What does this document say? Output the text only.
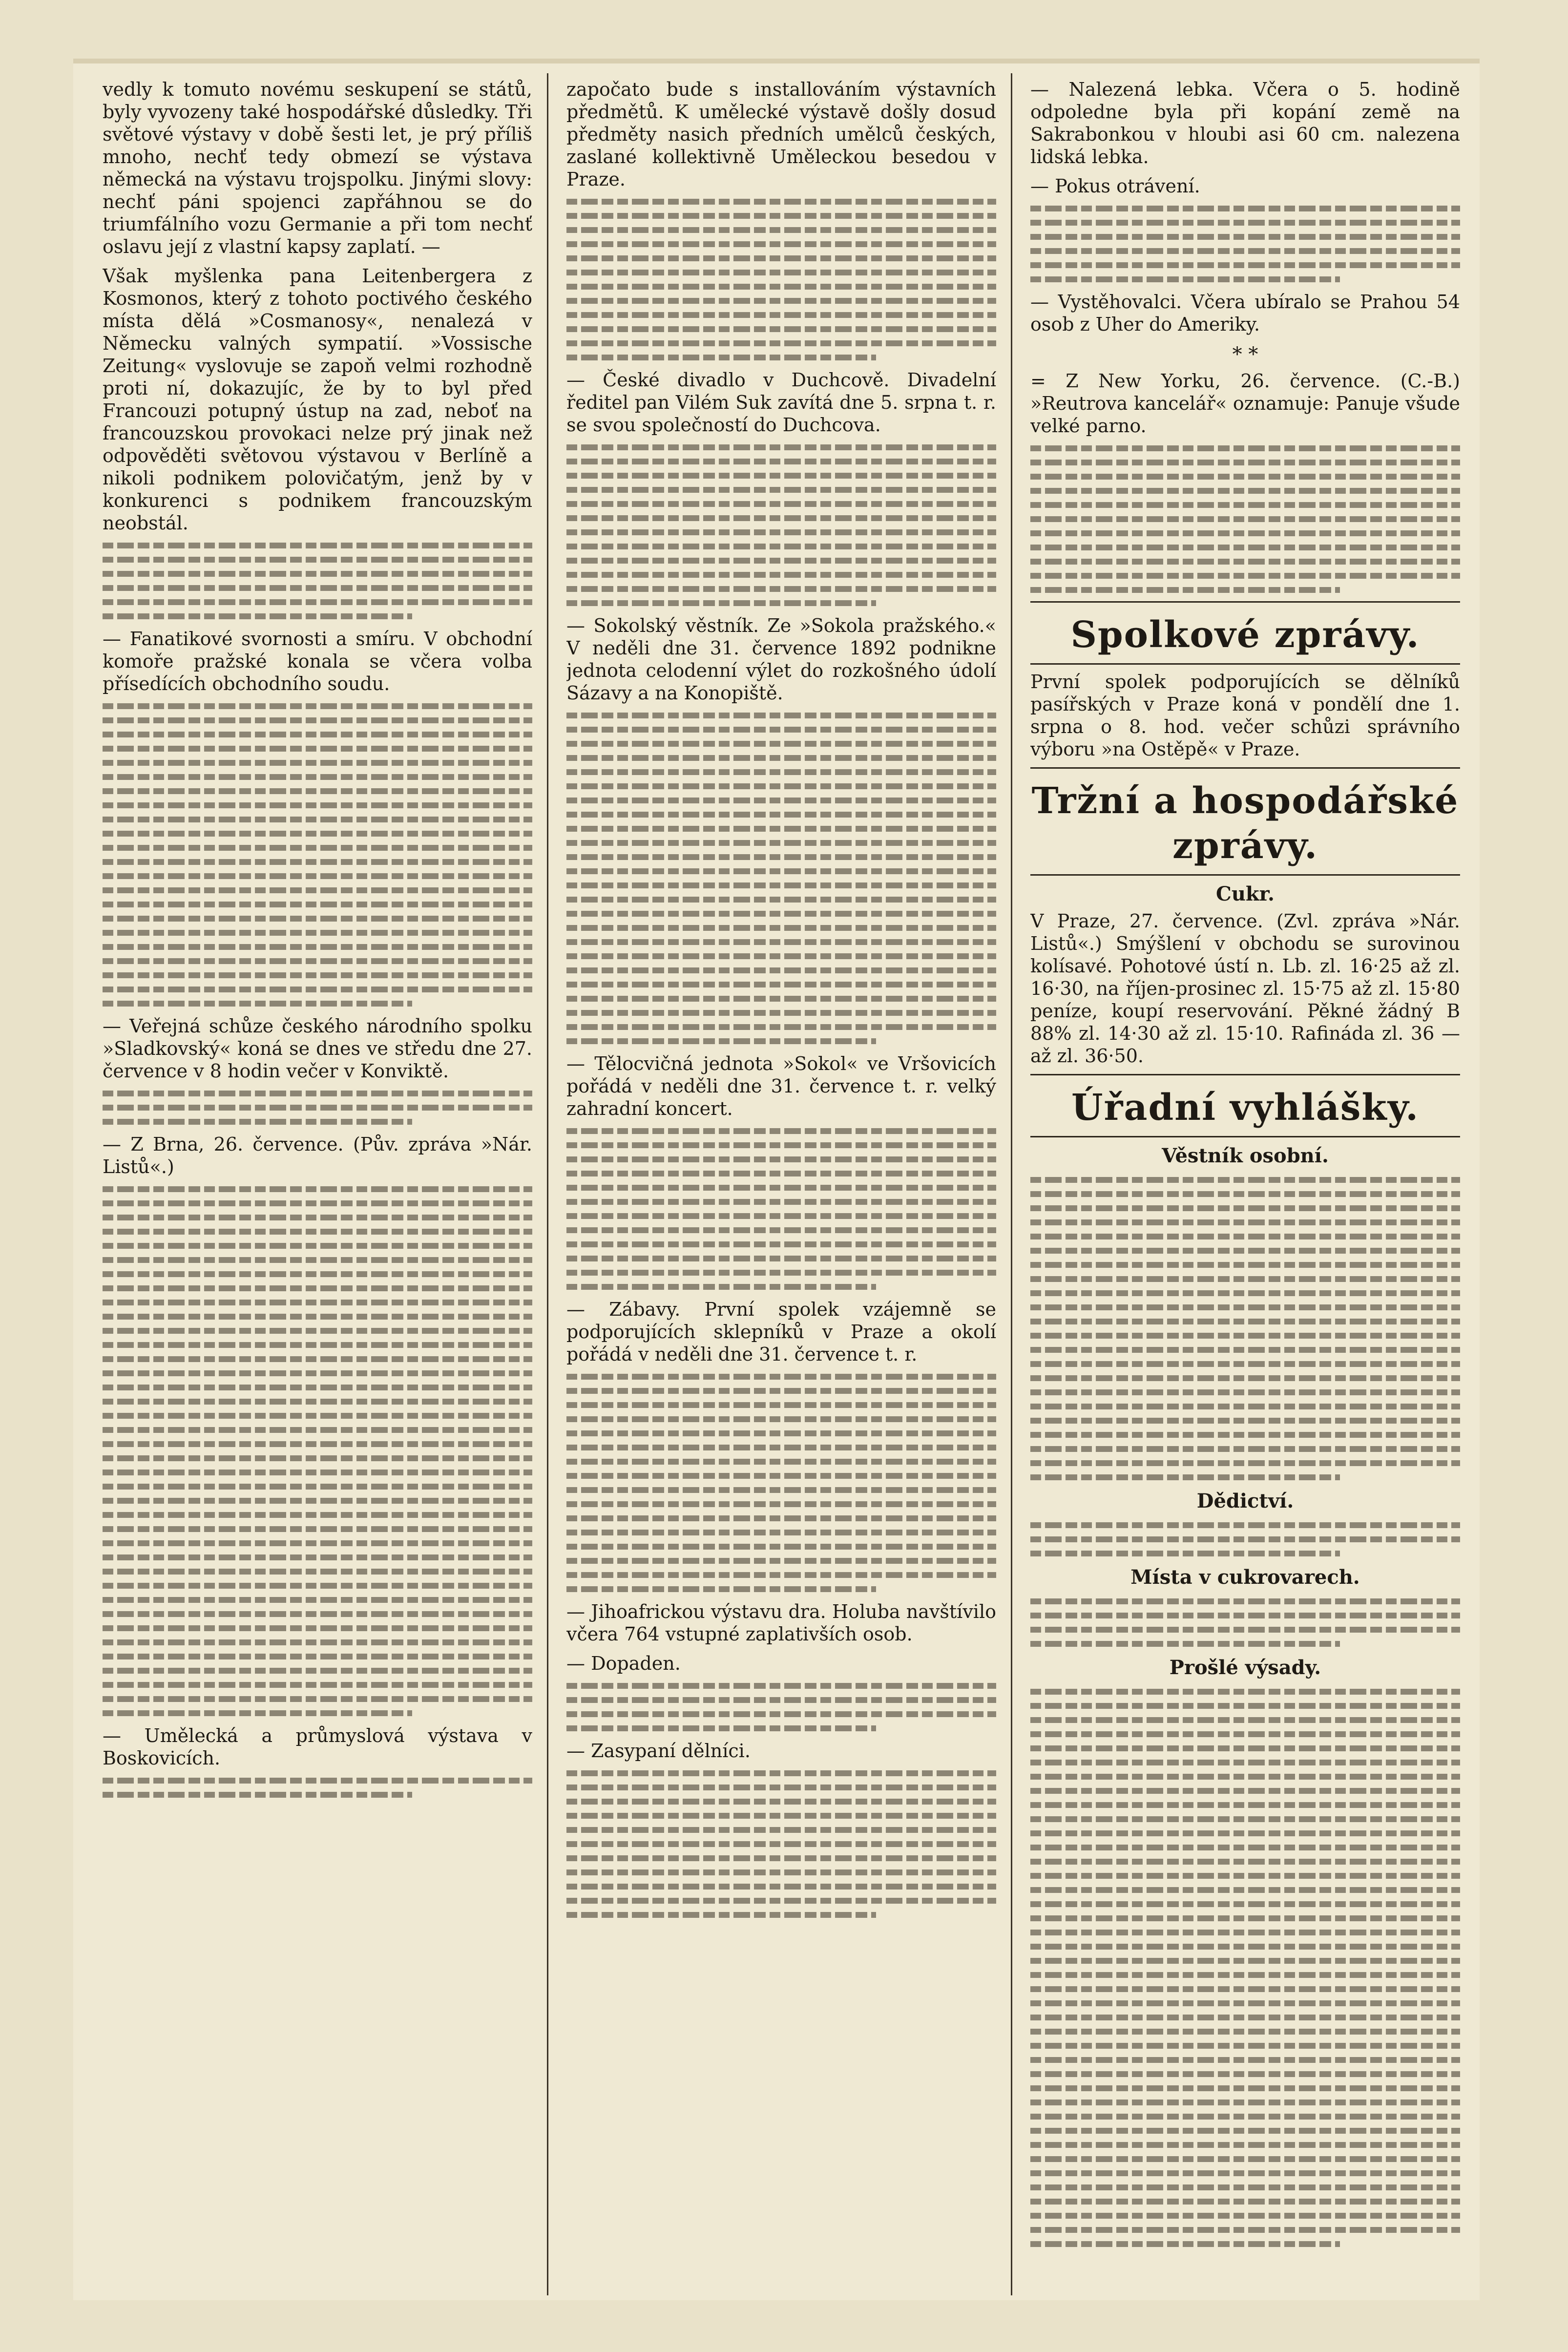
vedly k tomuto novému seskupení se států, byly vyvozeny také hospodářské důsledky. Tři světové výstavy v době šesti let, je prý příliš mnoho, nechť tedy obmezí se výstava německá na výstavu trojspolku. Jinými slovy: nechť páni spojenci zapřáhnou se do triumfálního vozu Germanie a při tom nechť oslavu její z vlastní kapsy zaplatí. —
Však myšlenka pana Leitenbergera z Kosmonos, který z tohoto poctivého českého místa dělá »Cosmanosy«, nenalezá v Německu valných sympatií. »Vossische Zeitung« vyslovuje se zapoň velmi rozhodně proti ní, dokazujíc, že by to byl před Francouzi potupný ústup na zad, neboť na francouzskou provokaci nelze prý jinak než odpověděti světovou výstavou v Berlíně a nikoli podnikem polovičatým, jenž by v konkurenci s podnikem francouzským neobstál.
— Fanatikové svornosti a smíru. V obchodní komoře pražské konala se včera volba přísedících obchodního soudu.
— Veřejná schůze českého národního spolku »Sladkovský« koná se dnes ve středu dne 27. července v 8 hodin večer v Konviktě.
— Z Brna, 26. července. (Pův. zpráva »Nár. Listů«.)
— Umělecká a průmyslová výstava v Boskovicích.
započato bude s installováním výstavních předmětů. K umělecké výstavě došly dosud předměty nasich předních umělců českých, zaslané kollektivně Uměleckou besedou v Praze.
— České divadlo v Duchcově. Divadelní ředitel pan Vilém Suk zavítá dne 5. srpna t. r. se svou společností do Duchcova.
— Sokolský věstník. Ze »Sokola pražského.« V neděli dne 31. července 1892 podnikne jednota celodenní výlet do rozkošného údolí Sázavy a na Konopiště.
— Tělocvičná jednota »Sokol« ve Vršovicích pořádá v neděli dne 31. července t. r. velký zahradní koncert.
— Zábavy. První spolek vzájemně se podporujících sklepníků v Praze a okolí pořádá v neděli dne 31. července t. r.
— Jihoafrickou výstavu dra. Holuba navštívilo včera 764 vstupné zaplativších osob.
— Dopaden.
— Zasypaní dělníci.
— Nalezená lebka. Včera o 5. hodině odpoledne byla při kopání země na Sakrabonkou v hloubi asi 60 cm. nalezena lidská lebka.
— Pokus otrávení.
— Vystěhovalci. Včera ubíralo se Prahou 54 osob z Uher do Ameriky.
* *
= Z New Yorku, 26. července. (C.-B.) »Reutrova kancelář« oznamuje: Panuje všude velké parno.
Spolkové zprávy.
První spolek podporujících se dělníků pasířských v Praze koná v pondělí dne 1. srpna o 8. hod. večer schůzi správního výboru »na Ostěpě« v Praze.
Tržní a hospodářské zprávy.
Cukr.
V Praze, 27. července. (Zvl. zpráva »Nár. Listů«.) Smýšlení v obchodu se surovinou kolísavé. Pohotové ústí n. Lb. zl. 16·25 až zl. 16·30, na říjen-prosinec zl. 15·75 až zl. 15·80 peníze, koupí reservování. Pěkné žádný B 88% zl. 14·30 až zl. 15·10. Rafináda zl. 36 — až zl. 36·50.
Úřadní vyhlášky.
Věstník osobní.
Dědictví.
Místa v cukrovarech.
Prošlé výsady.
